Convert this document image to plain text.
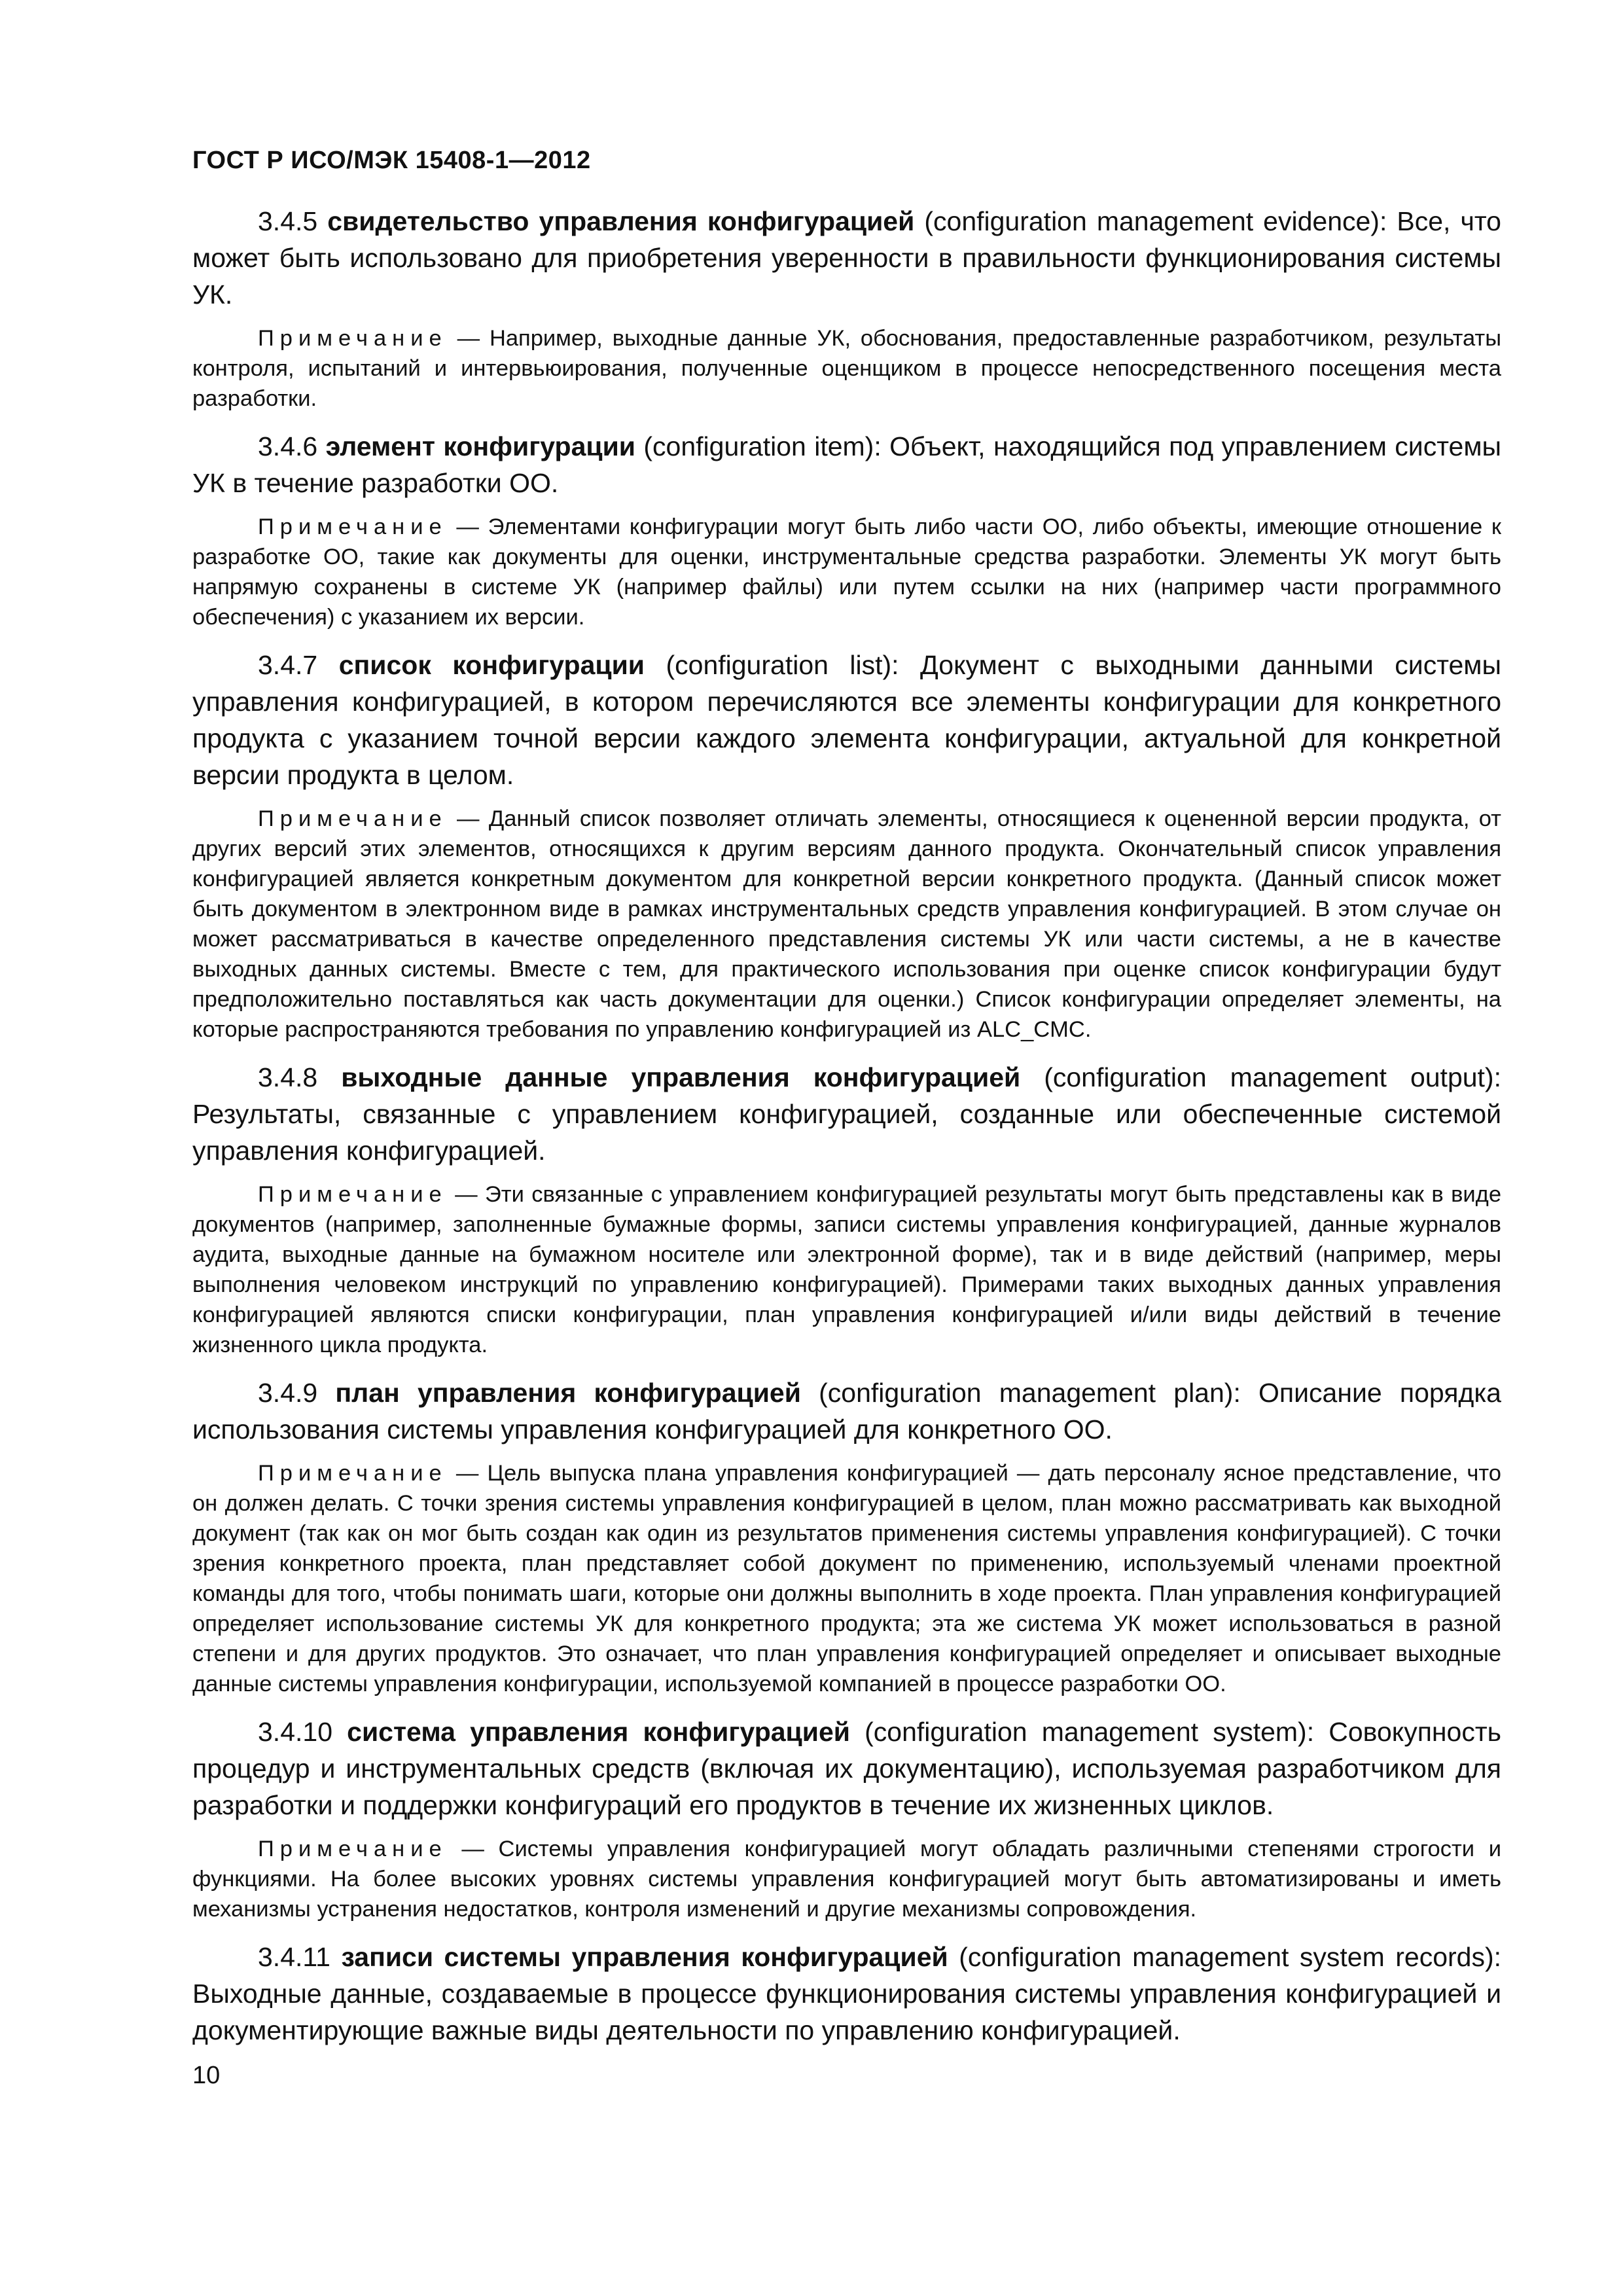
ГОСТ Р ИСО/МЭК 15408-1—2012

3.4.5 свидетельство управления конфигурацией (configuration management evidence): Все, что может быть использовано для приобретения уверенности в правильности функционирования системы УК.

Примечание — Например, выходные данные УК, обоснования, предоставленные разработчиком, результаты контроля, испытаний и интервьюирования, полученные оценщиком в процессе непосредственного посещения места разработки.

3.4.6 элемент конфигурации (configuration item): Объект, находящийся под управлением системы УК в течение разработки ОО.

Примечание — Элементами конфигурации могут быть либо части ОО, либо объекты, имеющие отношение к разработке ОО, такие как документы для оценки, инструментальные средства разработки. Элементы УК могут быть напрямую сохранены в системе УК (например файлы) или путем ссылки на них (например части программного обеспечения) с указанием их версии.

3.4.7 список конфигурации (configuration list): Документ с выходными данными системы управления конфигурацией, в котором перечисляются все элементы конфигурации для конкретного продукта с указанием точной версии каждого элемента конфигурации, актуальной для конкретной версии продукта в целом.

Примечание — Данный список позволяет отличать элементы, относящиеся к оцененной версии продукта, от других версий этих элементов, относящихся к другим версиям данного продукта. Окончательный список управления конфигурацией является конкретным документом для конкретной версии конкретного продукта. (Данный список может быть документом в электронном виде в рамках инструментальных средств управления конфигурацией. В этом случае он может рассматриваться в качестве определенного представления системы УК или части системы, а не в качестве выходных данных системы. Вместе с тем, для практического использования при оценке список конфигурации будут предположительно поставляться как часть документации для оценки.) Список конфигурации определяет элементы, на которые распространяются требования по управлению конфигурацией из ALC_CMC.

3.4.8 выходные данные управления конфигурацией (configuration management output): Результаты, связанные с управлением конфигурацией, созданные или обеспеченные системой управления конфигурацией.

Примечание — Эти связанные с управлением конфигурацией результаты могут быть представлены как в виде документов (например, заполненные бумажные формы, записи системы управления конфигурацией, данные журналов аудита, выходные данные на бумажном носителе или электронной форме), так и в виде действий (например, меры выполнения человеком инструкций по управлению конфигурацией). Примерами таких выходных данных управления конфигурацией являются списки конфигурации, план управления конфигурацией и/или виды действий в течение жизненного цикла продукта.

3.4.9 план управления конфигурацией (configuration management plan): Описание порядка использования системы управления конфигурацией для конкретного ОО.

Примечание — Цель выпуска плана управления конфигурацией — дать персоналу ясное представление, что он должен делать. С точки зрения системы управления конфигурацией в целом, план можно рассматривать как выходной документ (так как он мог быть создан как один из результатов применения системы управления конфигурацией). С точки зрения конкретного проекта, план представляет собой документ по применению, используемый членами проектной команды для того, чтобы понимать шаги, которые они должны выполнить в ходе проекта. План управления конфигурацией определяет использование системы УК для конкретного продукта; эта же система УК может использоваться в разной степени и для других продуктов. Это означает, что план управления конфигурацией определяет и описывает выходные данные системы управления конфигурации, используемой компанией в процессе разработки ОО.

3.4.10 система управления конфигурацией (configuration management system): Совокупность процедур и инструментальных средств (включая их документацию), используемая разработчиком для разработки и поддержки конфигураций его продуктов в течение их жизненных циклов.

Примечание — Системы управления конфигурацией могут обладать различными степенями строгости и функциями. На более высоких уровнях системы управления конфигурацией могут быть автоматизированы и иметь механизмы устранения недостатков, контроля изменений и другие механизмы сопровождения.

3.4.11 записи системы управления конфигурацией (configuration management system records): Выходные данные, создаваемые в процессе функционирования системы управления конфигурацией и документирующие важные виды деятельности по управлению конфигурацией.

10
